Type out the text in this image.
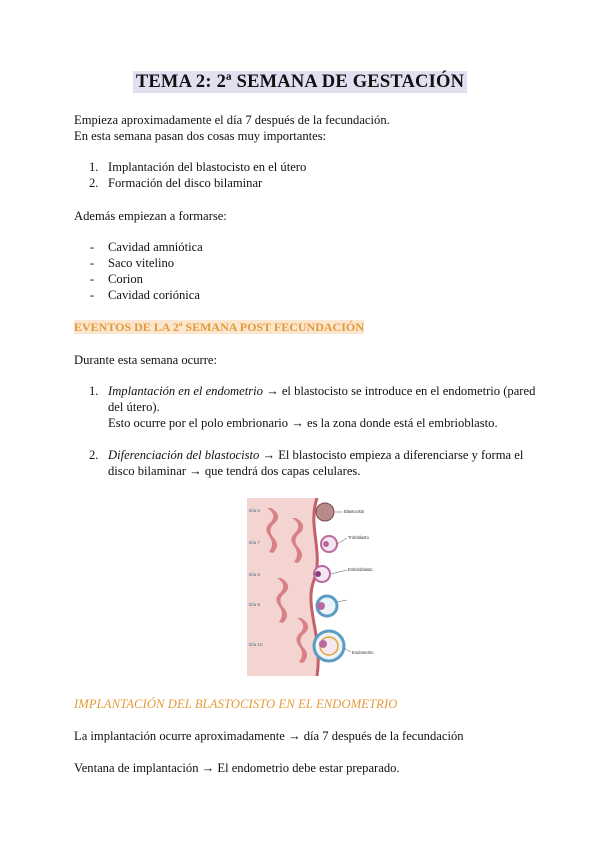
TEMA 2: 2ª SEMANA DE GESTACIÓN
Empieza aproximadamente el día 7 después de la fecundación.
En esta semana pasan dos cosas muy importantes:
1. Implantación del blastocisto en el útero
2. Formación del disco bilaminar
Además empiezan a formarse:
- Cavidad amniótica
- Saco vitelino
- Corion
- Cavidad coriónica
EVENTOS DE LA 2ª SEMANA POST FECUNDACIÓN
Durante esta semana ocurre:
1. Implantación en el endometrio → el blastocisto se introduce en el endometrio (pared
del útero).
Esto ocurre por el polo embrionario → es la zona donde está el embrioblasto.
2. Diferenciación del blastocisto → El blastocisto empieza a diferenciarse y forma el
disco bilaminar → que tendrá dos capas celulares.
Día 6
Día 7
Día 8
Día 9
Día 10
Blastocisto
Trofoblasto
Embrioblasto
Endometrio
IMPLANTACIÓN DEL BLASTOCISTO EN EL ENDOMETRIO
La implantación ocurre aproximadamente → día 7 después de la fecundación
Ventana de implantación → El endometrio debe estar preparado.
